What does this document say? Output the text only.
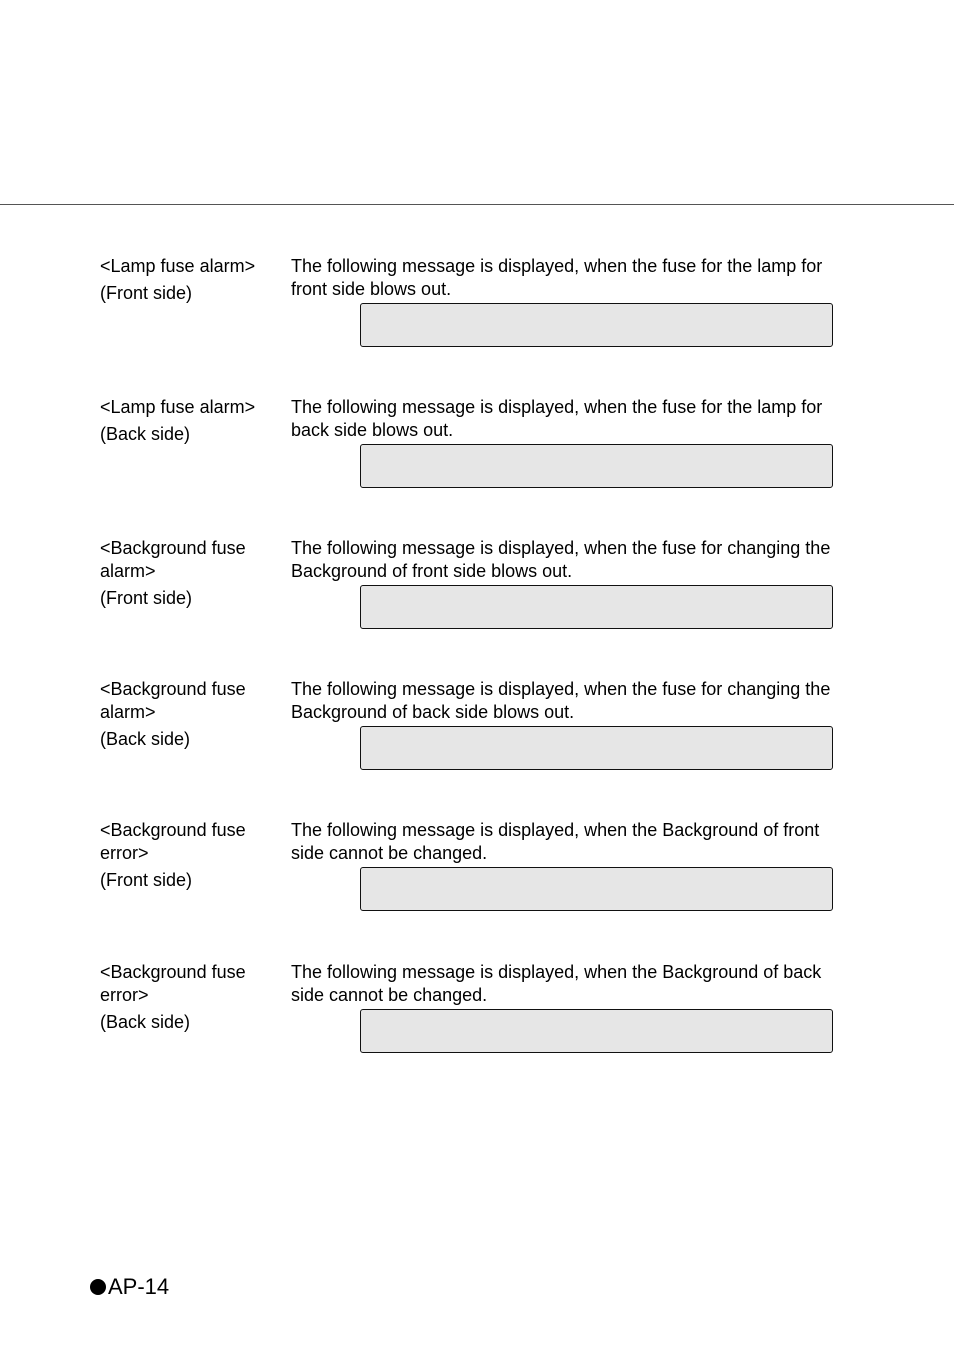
<Lamp fuse alarm>
(Front side)
The following message is displayed, when the fuse for the lamp for front side blows out.
<Lamp fuse alarm>
(Back side)
The following message is displayed, when the fuse for the lamp for back side blows out.
<Background fuse alarm>
(Front side)
The following message is displayed, when the fuse for changing the Background of front side blows out.
<Background fuse alarm>
(Back side)
The following message is displayed, when the fuse for changing the Background of back side blows out.
<Background fuse error>
(Front side)
The following message is displayed, when the Background of front side cannot be changed.
<Background fuse error>
(Back side)
The following message is displayed, when the Background of back side cannot be changed.
AP-14
